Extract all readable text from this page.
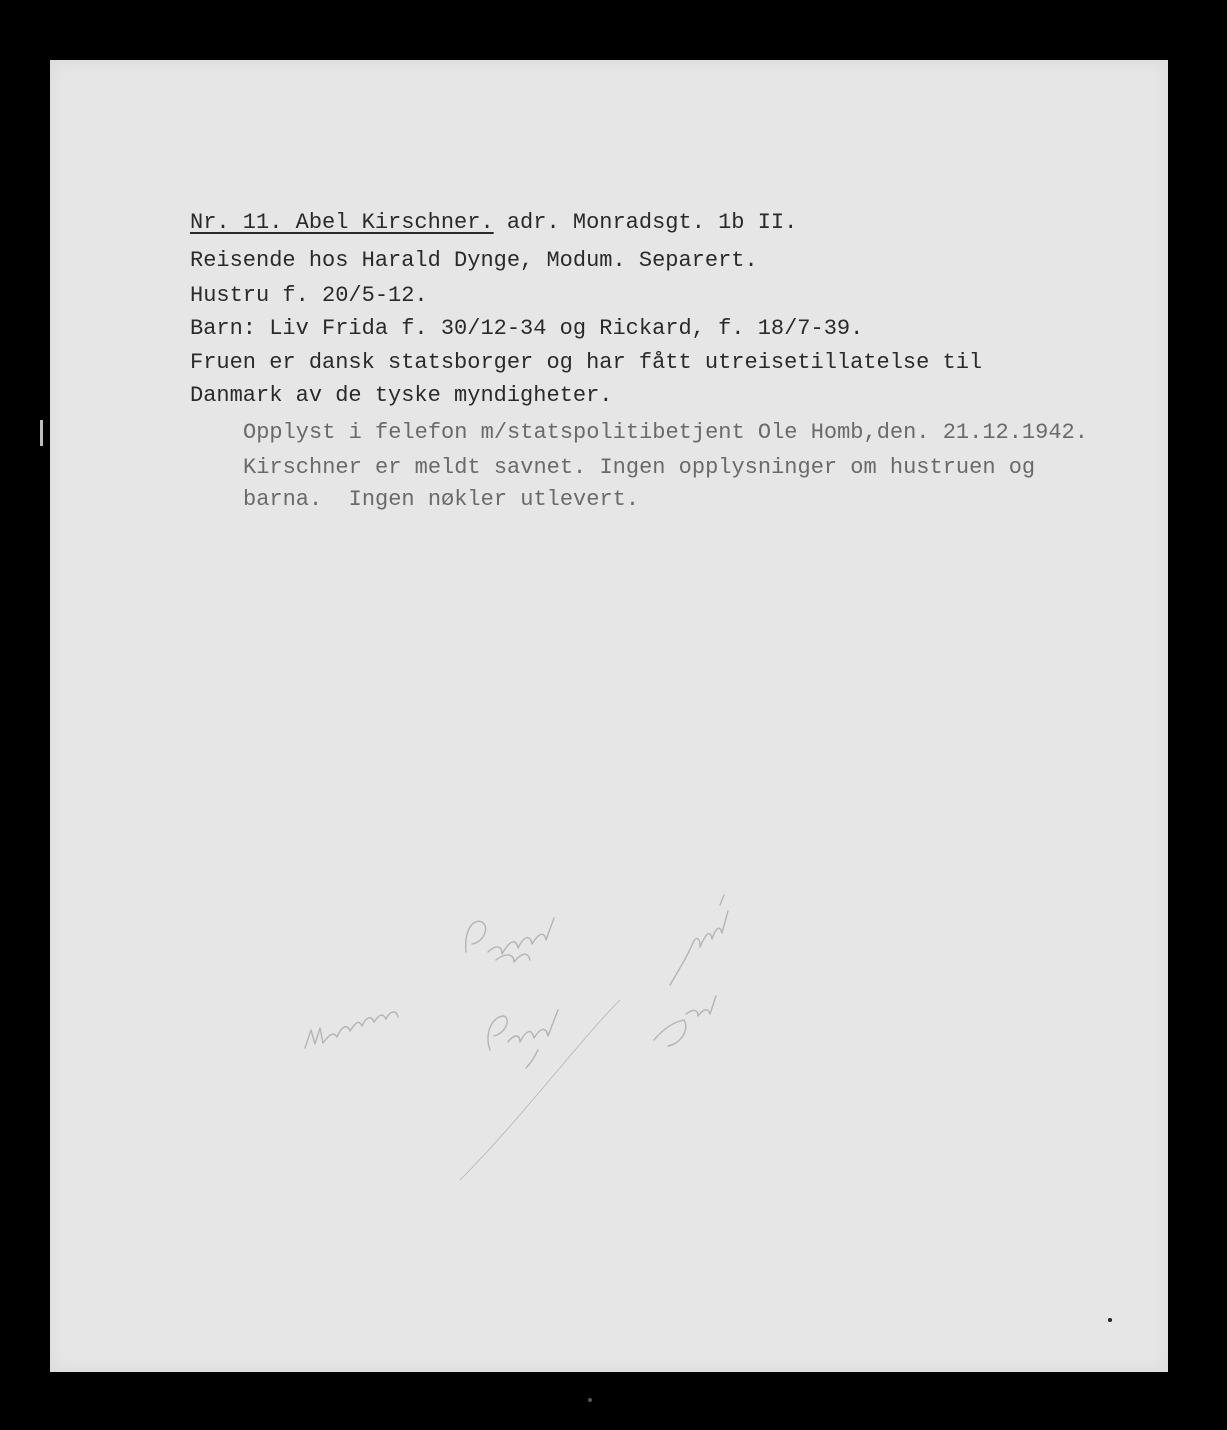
Nr. 11. Abel Kirschner. adr. Monradsgt. 1b II.

Reisende hos Harald Dynge, Modum. Separert.

Hustru f. 20/5-12.

Barn: Liv Frida f. 30/12-34 og Rickard, f. 18/7-39.

Fruen er dansk statsborger og har fått utreisetillatelse til

Danmark av de tyske myndigheter.

Opplyst i felefon m/statspolitibetjent Ole Homb,den. 21.12.1942.

Kirschner er meldt savnet. Ingen opplysninger om hustruen og

barna.  Ingen nøkler utlevert.
